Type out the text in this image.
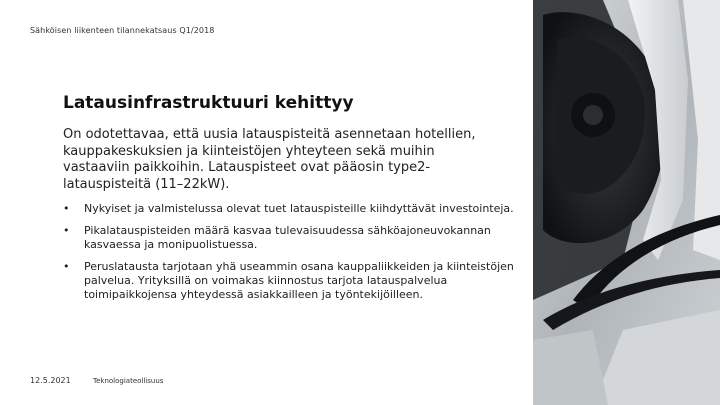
Sähköisen liikenteen tilannekatsaus Q1/2018
Latausinfrastruktuuri kehittyy
On odotettavaa, että uusia latauspisteitä asennetaan hotellien, kauppakeskuksien ja kiinteistöjen yhteyteen sekä muihin vastaaviin paikkoihin. Latauspisteet ovat pääosin type2-latauspisteitä (11–22kW).
• Nykyiset ja valmistelussa olevat tuet latauspisteille kiihdyttävät investointeja.
• Pikalatauspisteiden määrä kasvaa tulevaisuudessa sähköajoneuvokannan kasvaessa ja monipuolistuessa.
• Peruslatausta tarjotaan yhä useammin osana kauppaliikkeiden ja kiinteistöjen palvelua. Yrityksillä on voimakas kiinnostus tarjota latauspalvelua toimipaikkojensa yhteydessä asiakkailleen ja työntekijöilleen.
12.5.2021	Teknologiateollisuus
